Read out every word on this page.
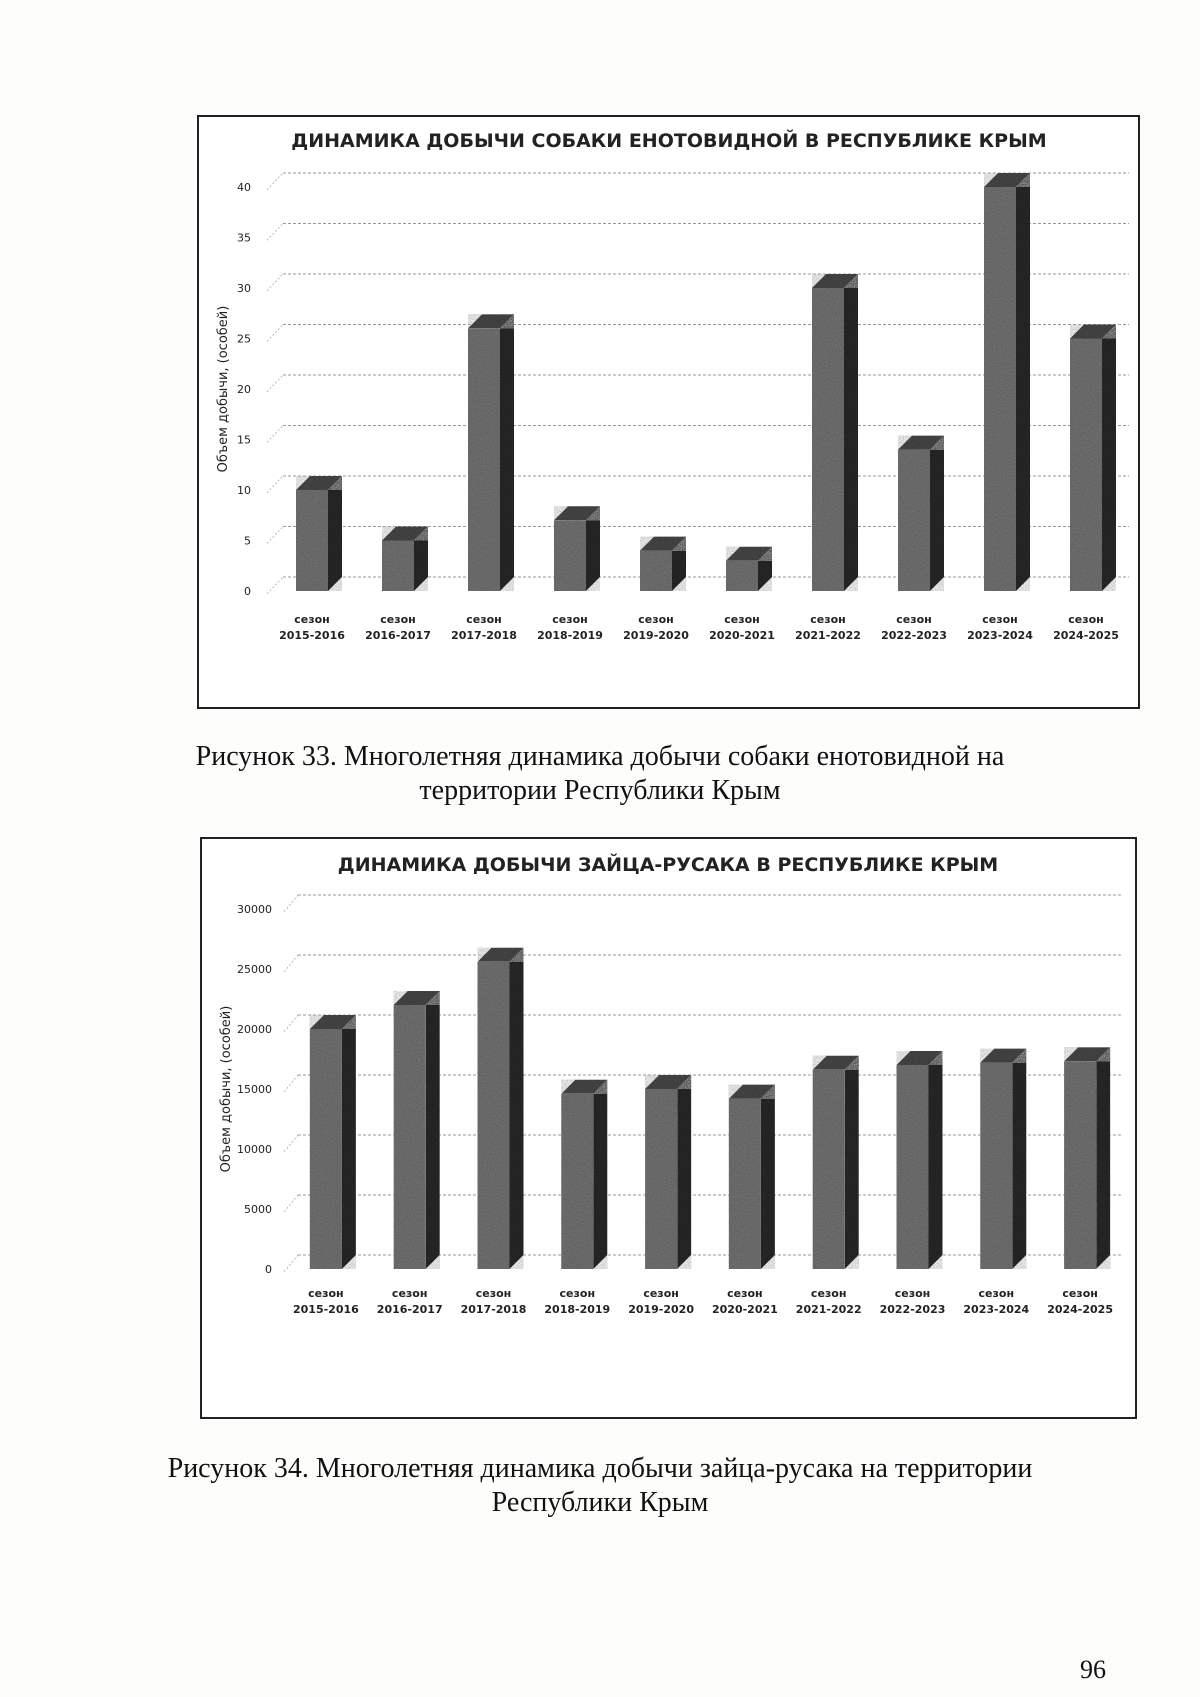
ДИНАМИКА ДОБЫЧИ СОБАКИ ЕНОТОВИДНОЙ В РЕСПУБЛИКЕ КРЫМ
0
5
10
15
20
25
30
35
40
Объем добычи, (особей)
сезон
2015-2016
сезон
2016-2017
сезон
2017-2018
сезон
2018-2019
сезон
2019-2020
сезон
2020-2021
сезон
2021-2022
сезон
2022-2023
сезон
2023-2024
сезон
2024-2025
Рисунок 33. Многолетняя динамика добычи собаки енотовидной на
территории Республики Крым
ДИНАМИКА ДОБЫЧИ ЗАЙЦА-РУСАКА В РЕСПУБЛИКЕ КРЫМ
0
5000
10000
15000
20000
25000
30000
Объем добычи, (особей)
сезон
2015-2016
сезон
2016-2017
сезон
2017-2018
сезон
2018-2019
сезон
2019-2020
сезон
2020-2021
сезон
2021-2022
сезон
2022-2023
сезон
2023-2024
сезон
2024-2025
Рисунок 34. Многолетняя динамика добычи зайца-русака на территории
Республики Крым
96
